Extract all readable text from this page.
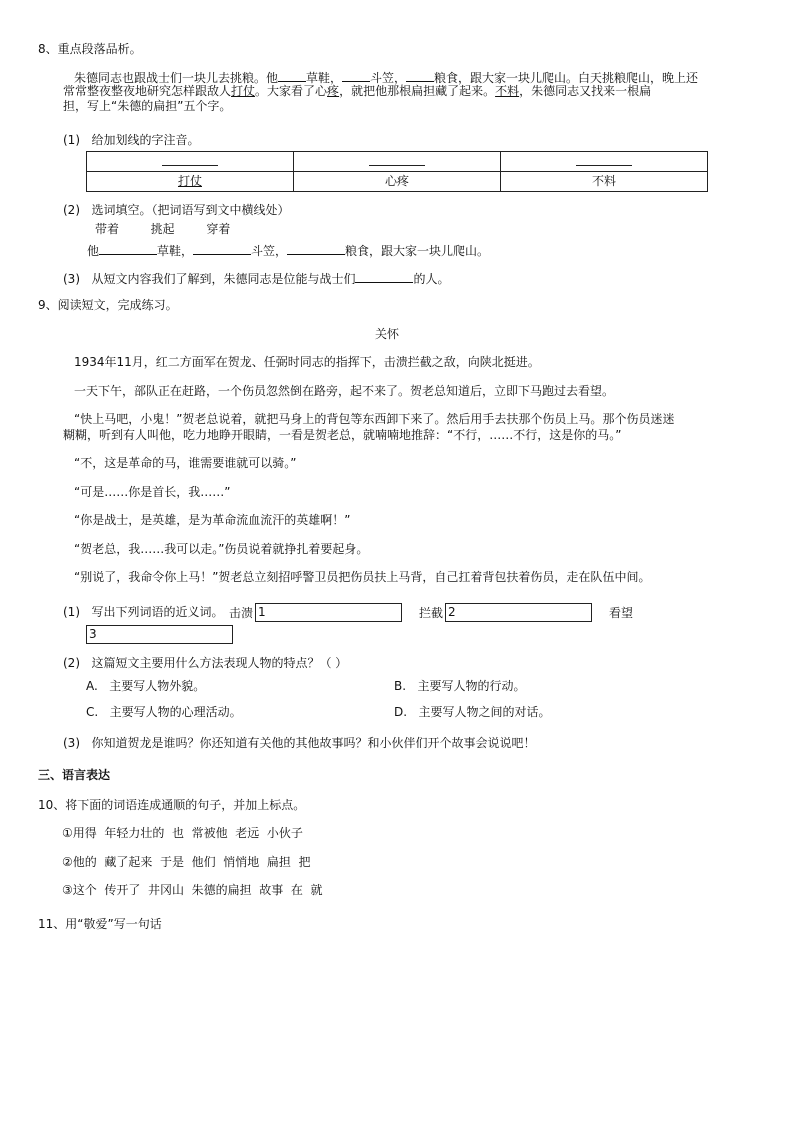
8、重点段落品析。
朱德同志也跟战士们一块儿去挑粮。他 草鞋， 斗笠， 粮食，跟大家一块儿爬山。白天挑粮爬山，晚上还
常常整夜整夜地研究怎样跟敌人打仗。大家看了心疼，就把他那根扁担藏了起来。不料，朱德同志又找来一根扁
担，写上“朱德的扁担”五个字。
(1) 给加划线的字注音。

打仗	心疼	不料
(2) 选词填空。（把词语写到文中横线处）
带着	挑起	穿着
他	草鞋，	斗笠，	粮食，跟大家一块儿爬山。
(3) 从短文内容我们了解到，朱德同志是位能与战士们	的人。
9、阅读短文，完成练习。
关怀
1934年11月，红二方面军在贺龙、任弼时同志的指挥下，击溃拦截之敌，向陕北挺进。
一天下午，部队正在赶路，一个伤员忽然倒在路旁，起不来了。贺老总知道后，立即下马跑过去看望。
“快上马吧，小鬼！”贺老总说着，就把马身上的背包等东西卸下来了。然后用手去扶那个伤员上马。那个伤员迷迷
糊糊，听到有人叫他，吃力地睁开眼睛，一看是贺老总，就喃喃地推辞：“不行，……不行，这是你的马。”
“不，这是革命的马，谁需要谁就可以骑。”
“可是……你是首长，我……”
“你是战士，是英雄，是为革命流血流汗的英雄啊！”
“贺老总，我……我可以走。”伤员说着就挣扎着要起身。
“别说了，我命令你上马！”贺老总立刻招呼警卫员把伤员扶上马背，自己扛着背包扶着伤员，走在队伍中间。
(1) 写出下列词语的近义词。 击溃 1	拦截 2	看望
3
(2) 这篇短文主要用什么方法表现人物的特点？（ ）
A. 主要写人物外貌。	B. 主要写人物的行动。
C. 主要写人物的心理活动。	D. 主要写人物之间的对话。
(3) 你知道贺龙是谁吗？你还知道有关他的其他故事吗？和小伙伴们开个故事会说说吧！
三、语言表达
10、将下面的词语连成通顺的句子，并加上标点。
①用得  年轻力壮的  也  常被他  老远  小伙子
②他的  藏了起来  于是  他们  悄悄地  扁担  把
③这个  传开了  井冈山  朱德的扁担  故事  在  就
11、用“敬爱”写一句话
